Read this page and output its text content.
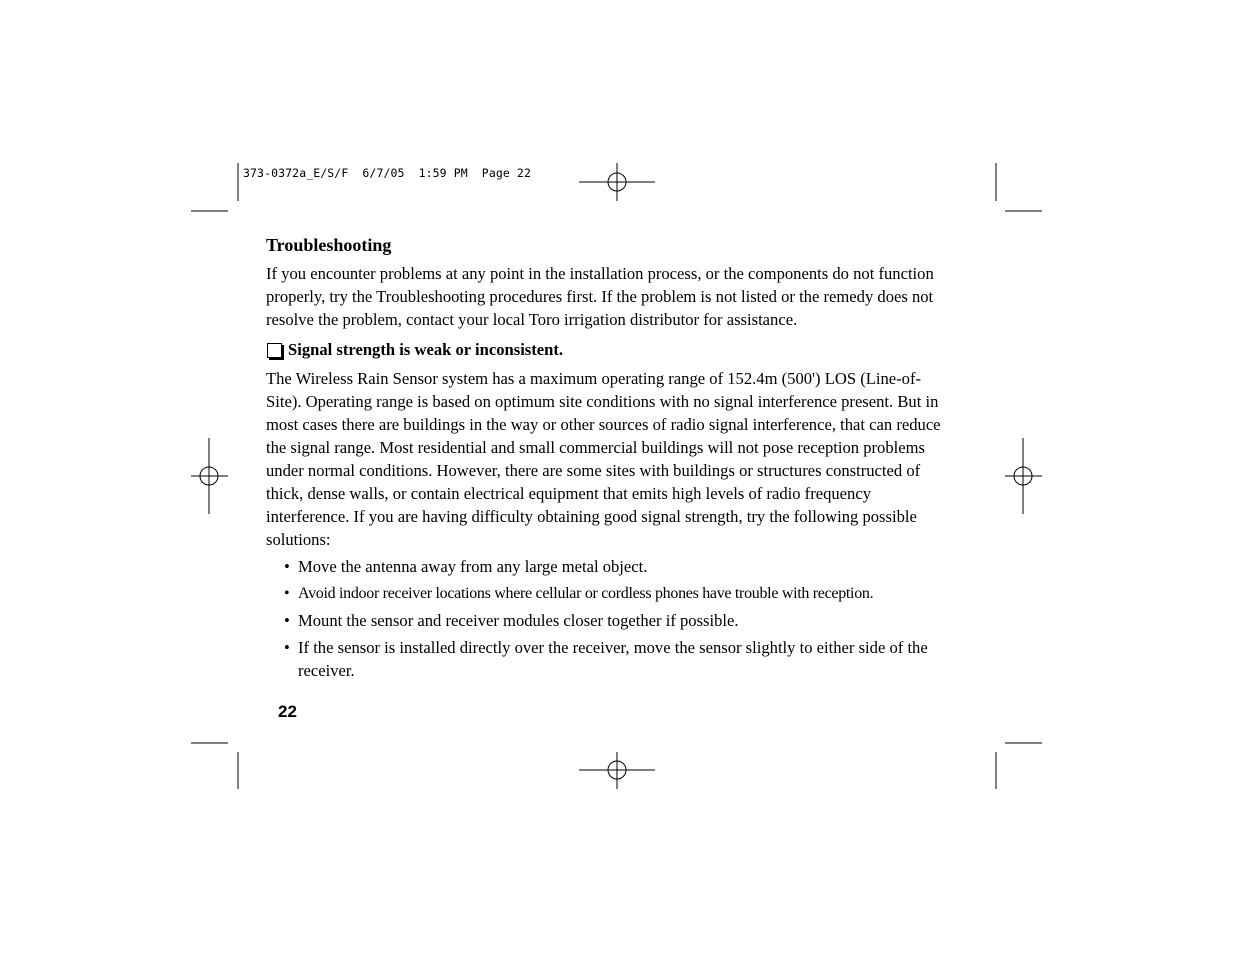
373-0372a_E/S/F  6/7/05  1:59 PM  Page 22
Troubleshooting

If you encounter problems at any point in the installation process, or the components do not function properly, try the Troubleshooting procedures first. If the problem is not listed or the remedy does not resolve the problem, contact your local Toro irrigation distributor for assistance.

Signal strength is weak or inconsistent.

The Wireless Rain Sensor system has a maximum operating range of 152.4m (500') LOS (Line-of-Site). Operating range is based on optimum site conditions with no signal interference present. But in most cases there are buildings in the way or other sources of radio signal interference, that can reduce the signal range. Most residential and small commercial buildings will not pose reception problems under normal conditions. However, there are some sites with buildings or structures constructed of thick, dense walls, or contain electrical equipment that emits high levels of radio frequency interference. If you are having difficulty obtaining good signal strength, try the following possible solutions:

• Move the antenna away from any large metal object.
• Avoid indoor receiver locations where cellular or cordless phones have trouble with reception.
• Mount the sensor and receiver modules closer together if possible.
• If the sensor is installed directly over the receiver, move the sensor slightly to either side of the receiver.
22
